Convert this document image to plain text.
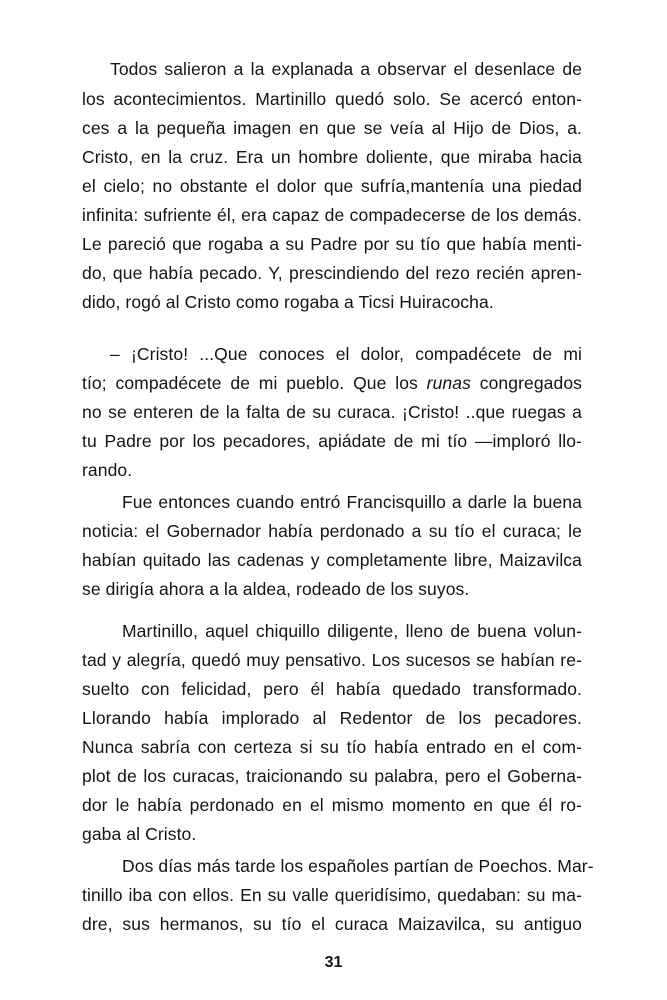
Todos salieron a la explanada a observar el desenlace de
los acontecimientos. Martinillo quedó solo. Se acercó enton-
ces a la pequeña imagen en que se veía al Hijo de Dios, a.
Cristo, en la cruz. Era un hombre doliente, que miraba hacia
el cielo; no obstante el dolor que sufría,mantenía una piedad
infinita: sufriente él, era capaz de compadecerse de los demás.
Le pareció que rogaba a su Padre por su tío que había menti-
do, que había pecado. Y, prescindiendo del rezo recién apren-
dido, rogó al Cristo como rogaba a Ticsi Huiracocha.
– ¡Cristo! ...Que conoces el dolor, compadécete de mi
tío; compadécete de mi pueblo. Que los runas congregados
no se enteren de la falta de su curaca. ¡Cristo! ..que ruegas a
tu Padre por los pecadores, apiádate de mi tío —imploró llo-
rando.
Fue entonces cuando entró Francisquillo a darle la buena
noticia: el Gobernador había perdonado a su tío el curaca; le
habían quitado las cadenas y completamente libre, Maizavilca
se dirigía ahora a la aldea, rodeado de los suyos.
Martinillo, aquel chiquillo diligente, lleno de buena volun-
tad y alegría, quedó muy pensativo. Los sucesos se habían re-
suelto con felicidad, pero él había quedado transformado.
Llorando había implorado al Redentor de los pecadores.
Nunca sabría con certeza si su tío había entrado en el com-
plot de los curacas, traicionando su palabra, pero el Goberna-
dor le había perdonado en el mismo momento en que él ro-
gaba al Cristo.
Dos días más tarde los españoles partían de Poechos. Mar-
tinillo iba con ellos. En su valle queridísimo, quedaban: su ma-
dre, sus hermanos, su tío el curaca Maizavilca, su antiguo
31
